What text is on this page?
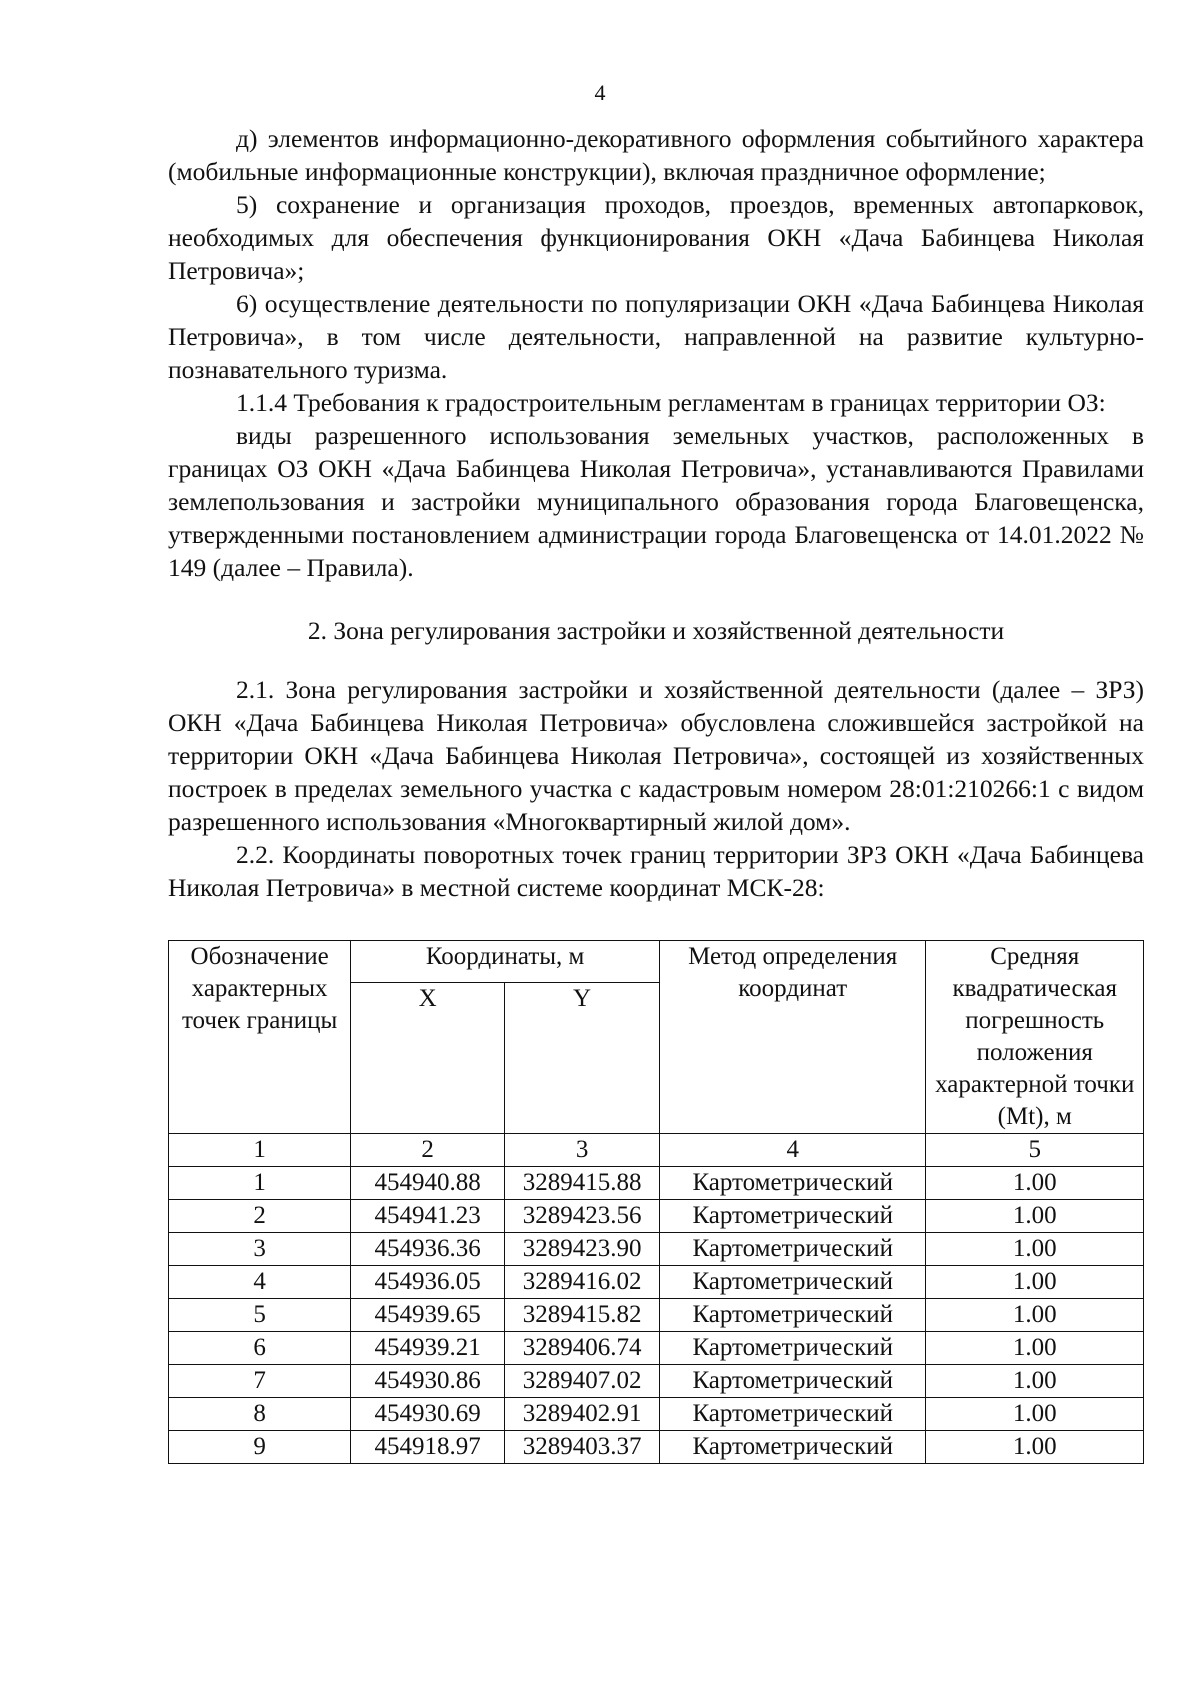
4

д) элементов информационно-декоративного оформления событийного характера (мобильные информационные конструкции), включая праздничное оформление;

5) сохранение и организация проходов, проездов, временных автопарковок, необходимых для обеспечения функционирования ОКН «Дача Бабинцева Николая Петровича»;

6) осуществление деятельности по популяризации ОКН «Дача Бабинцева Николая Петровича», в том числе деятельности, направленной на развитие культурно-познавательного туризма.

1.1.4 Требования к градостроительным регламентам в границах территории ОЗ:

виды разрешенного использования земельных участков, расположенных в границах ОЗ ОКН «Дача Бабинцева Николая Петровича», устанавливаются Правилами землепользования и застройки муниципального образования города Благовещенска, утвержденными постановлением администрации города Благовещенска от 14.01.2022 № 149 (далее – Правила).

2. Зона регулирования застройки и хозяйственной деятельности

2.1. Зона регулирования застройки и хозяйственной деятельности (далее – ЗРЗ) ОКН «Дача Бабинцева Николая Петровича» обусловлена сложившейся застройкой на территории ОКН «Дача Бабинцева Николая Петровича», состоящей из хозяйственных построек в пределах земельного участка с кадастровым номером 28:01:210266:1 с видом разрешенного использования «Многоквартирный жилой дом».

2.2. Координаты поворотных точек границ территории ЗРЗ ОКН «Дача Бабинцева Николая Петровича» в местной системе координат МСК-28:

Обозначение характерных точек границы	Координаты, м		Метод определения координат	Средняя квадратическая погрешность положения характерной точки (Mt), м
	X	Y		
1	2	3	4	5
1	454940.88	3289415.88	Картометрический	1.00
2	454941.23	3289423.56	Картометрический	1.00
3	454936.36	3289423.90	Картометрический	1.00
4	454936.05	3289416.02	Картометрический	1.00
5	454939.65	3289415.82	Картометрический	1.00
6	454939.21	3289406.74	Картометрический	1.00
7	454930.86	3289407.02	Картометрический	1.00
8	454930.69	3289402.91	Картометрический	1.00
9	454918.97	3289403.37	Картометрический	1.00
